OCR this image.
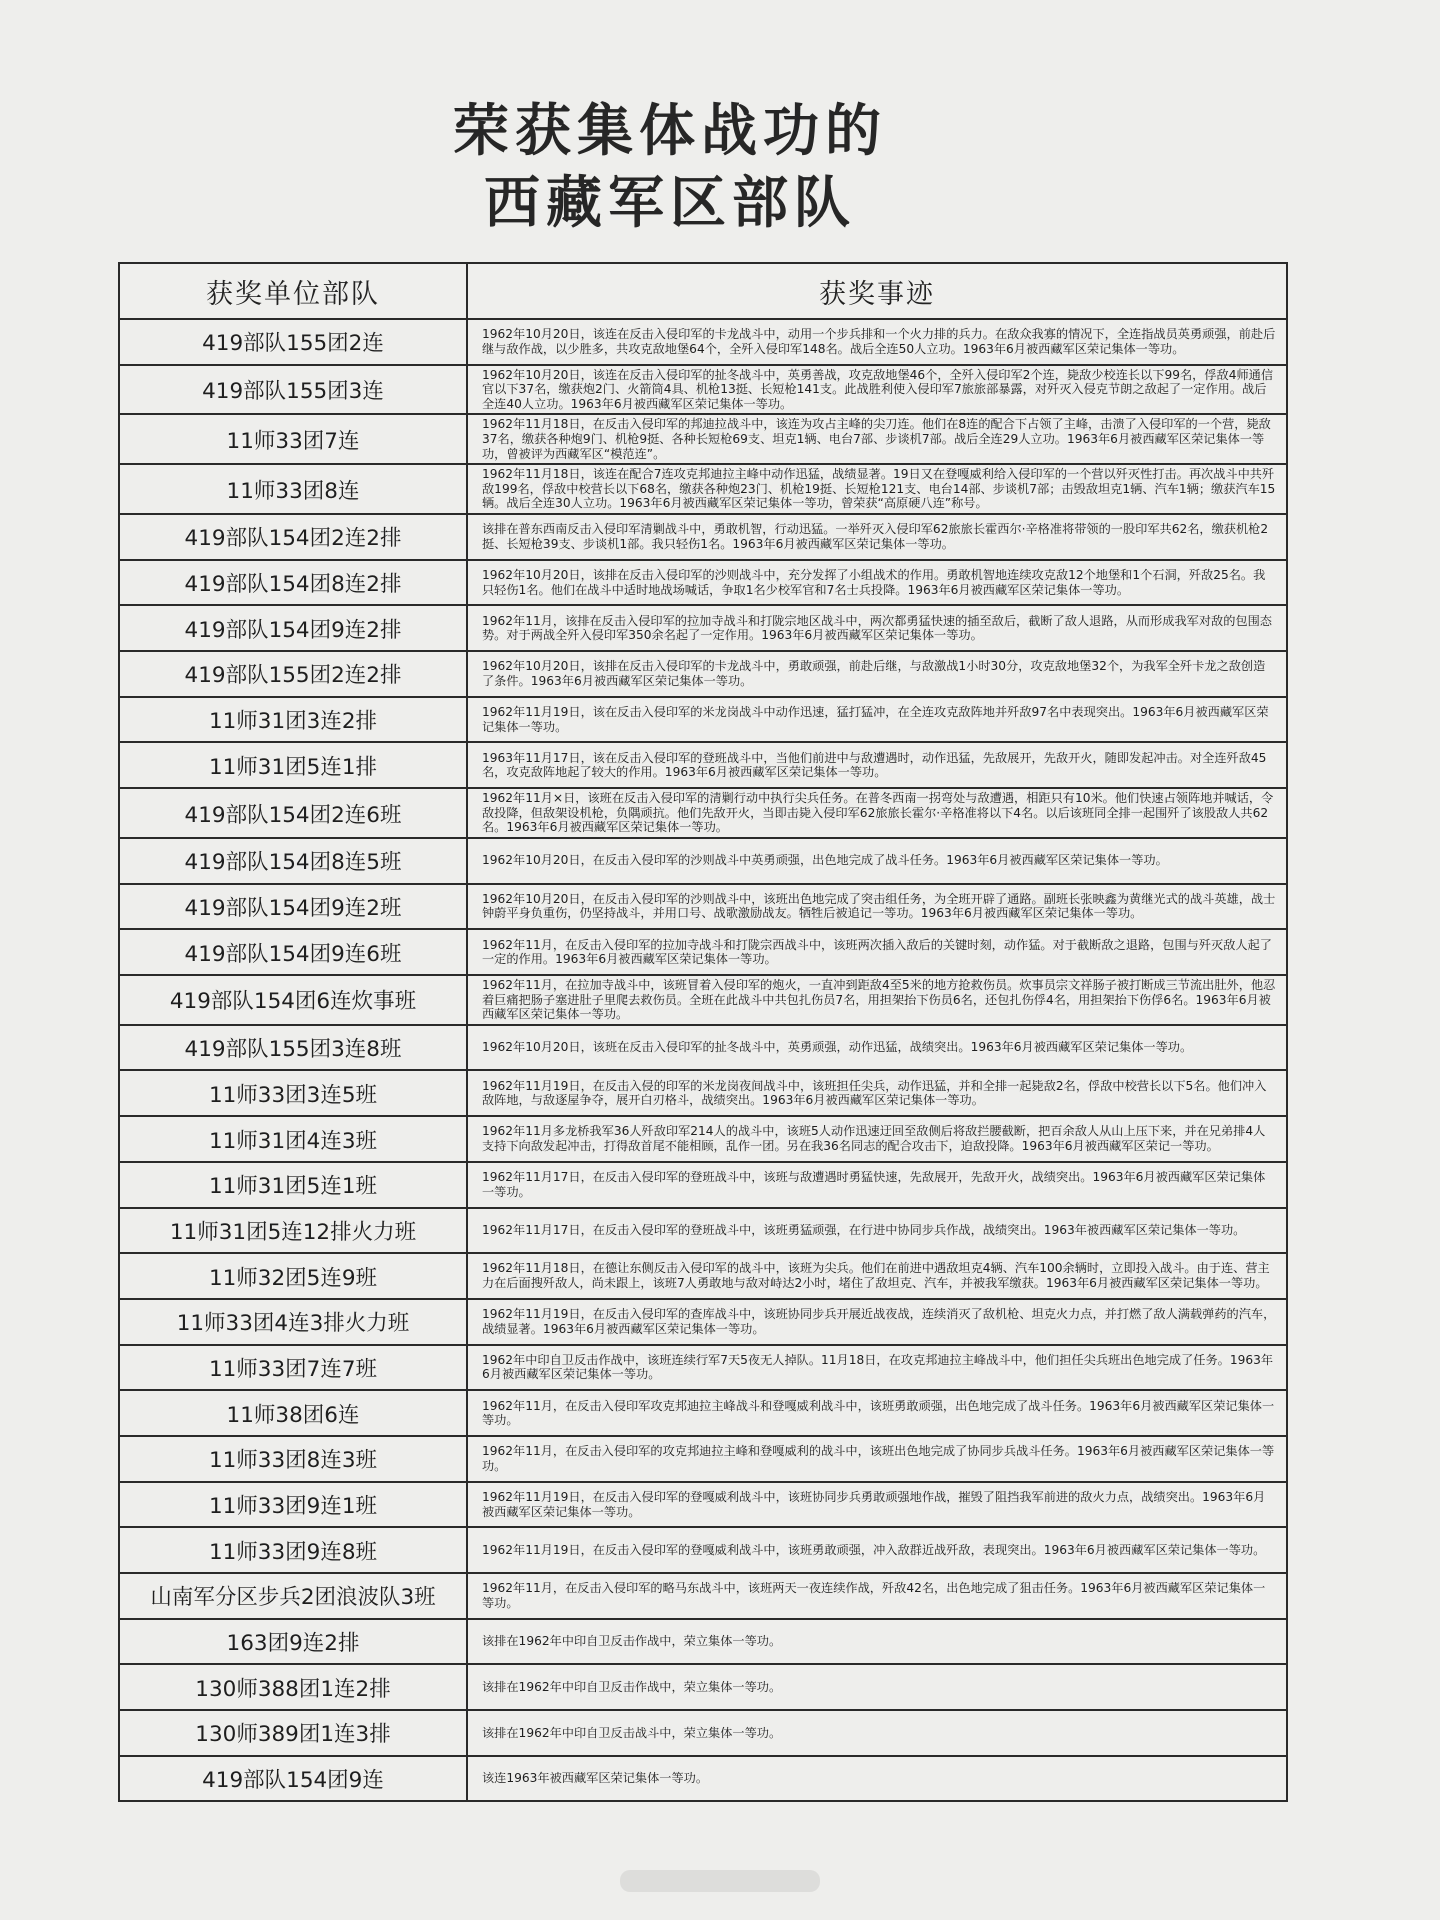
荣获集体战功的
西藏军区部队
获奖单位部队	获奖事迹
419部队155团2连	1962年10月20日，该连在反击入侵印军的卡龙战斗中，动用一个步兵排和一个火力排的兵力。在敌众我寡的情况下，全连指战员英勇顽强，前赴后继与敌作战，以少胜多，共攻克敌地堡64个，全歼入侵印军148名。战后全连50人立功。1963年6月被西藏军区荣记集体一等功。
419部队155团3连	1962年10月20日，该连在反击入侵印军的扯冬战斗中，英勇善战，攻克敌地堡46个，全歼入侵印军2个连，毙敌少校连长以下99名，俘敌4师通信官以下37名，缴获炮2门、火箭筒4具、机枪13挺、长短枪141支。此战胜利使入侵印军7旅旅部暴露，对歼灭入侵克节朗之敌起了一定作用。战后全连40人立功。1963年6月被西藏军区荣记集体一等功。
11师33团7连	1962年11月18日，在反击入侵印军的邦迪拉战斗中，该连为攻占主峰的尖刀连。他们在8连的配合下占领了主峰，击溃了入侵印军的一个营，毙敌37名，缴获各种炮9门、机枪9挺、各种长短枪69支、坦克1辆、电台7部、步谈机7部。战后全连29人立功。1963年6月被西藏军区荣记集体一等功，曾被评为西藏军区“模范连”。
11师33团8连	1962年11月18日，该连在配合7连攻克邦迪拉主峰中动作迅猛，战绩显著。19日又在登嘎威利给入侵印军的一个营以歼灭性打击。再次战斗中共歼敌199名，俘敌中校营长以下68名，缴获各种炮23门、机枪19挺、长短枪121支、电台14部、步谈机7部；击毁敌坦克1辆、汽车1辆；缴获汽车15辆。战后全连30人立功。1963年6月被西藏军区荣记集体一等功，曾荣获“高原硬八连”称号。
419部队154团2连2排	该排在普东西南反击入侵印军清剿战斗中，勇敢机智，行动迅猛。一举歼灭入侵印军62旅旅长霍西尔·辛格准将带领的一股印军共62名，缴获机枪2挺、长短枪39支、步谈机1部。我只轻伤1名。1963年6月被西藏军区荣记集体一等功。
419部队154团8连2排	1962年10月20日，该排在反击入侵印军的沙则战斗中，充分发挥了小组战术的作用。勇敢机智地连续攻克敌12个地堡和1个石洞，歼敌25名。我只轻伤1名。他们在战斗中适时地战场喊话，争取1名少校军官和7名士兵投降。1963年6月被西藏军区荣记集体一等功。
419部队154团9连2排	1962年11月，该排在反击入侵印军的拉加寺战斗和打陇宗地区战斗中，两次都勇猛快速的插至敌后，截断了敌人退路，从而形成我军对敌的包围态势。对于两战全歼入侵印军350余名起了一定作用。1963年6月被西藏军区荣记集体一等功。
419部队155团2连2排	1962年10月20日，该排在反击入侵印军的卡龙战斗中，勇敢顽强，前赴后继，与敌激战1小时30分，攻克敌地堡32个，为我军全歼卡龙之敌创造了条件。1963年6月被西藏军区荣记集体一等功。
11师31团3连2排	1962年11月19日，该在反击入侵印军的米龙岗战斗中动作迅速，猛打猛冲，在全连攻克敌阵地并歼敌97名中表现突出。1963年6月被西藏军区荣记集体一等功。
11师31团5连1排	1963年11月17日，该在反击入侵印军的登班战斗中，当他们前进中与敌遭遇时，动作迅猛，先敌展开，先敌开火，随即发起冲击。对全连歼敌45名，攻克敌阵地起了较大的作用。1963年6月被西藏军区荣记集体一等功。
419部队154团2连6班	1962年11月×日，该班在反击入侵印军的清剿行动中执行尖兵任务。在普冬西南一拐弯处与敌遭遇，相距只有10米。他们快速占领阵地并喊话，令敌投降，但敌架设机枪，负隅顽抗。他们先敌开火，当即击毙入侵印军62旅旅长霍尔·辛格准将以下4名。以后该班同全排一起围歼了该股敌人共62名。1963年6月被西藏军区荣记集体一等功。
419部队154团8连5班	1962年10月20日，在反击入侵印军的沙则战斗中英勇顽强，出色地完成了战斗任务。1963年6月被西藏军区荣记集体一等功。
419部队154团9连2班	1962年10月20日，在反击入侵印军的沙则战斗中，该班出色地完成了突击组任务，为全班开辟了通路。副班长张映鑫为黄继光式的战斗英雄，战士钟蔚平身负重伤，仍坚持战斗，并用口号、战歌激励战友。牺牲后被追记一等功。1963年6月被西藏军区荣记集体一等功。
419部队154团9连6班	1962年11月，在反击入侵印军的拉加寺战斗和打陇宗西战斗中，该班两次插入敌后的关键时刻，动作猛。对于截断敌之退路，包围与歼灭敌人起了一定的作用。1963年6月被西藏军区荣记集体一等功。
419部队154团6连炊事班	1962年11月，在拉加寺战斗中，该班冒着入侵印军的炮火，一直冲到距敌4至5米的地方抢救伤员。炊事员宗文祥肠子被打断成三节流出肚外，他忍着巨痛把肠子塞进肚子里爬去救伤员。全班在此战斗中共包扎伤员7名，用担架抬下伤员6名，还包扎伤俘4名，用担架抬下伤俘6名。1963年6月被西藏军区荣记集体一等功。
419部队155团3连8班	1962年10月20日，该班在反击入侵印军的扯冬战斗中，英勇顽强，动作迅猛，战绩突出。1963年6月被西藏军区荣记集体一等功。
11师33团3连5班	1962年11月19日，在反击入侵的印军的米龙岗夜间战斗中，该班担任尖兵，动作迅猛，并和全排一起毙敌2名，俘敌中校营长以下5名。他们冲入敌阵地，与敌逐屋争夺，展开白刃格斗，战绩突出。1963年6月被西藏军区荣记集体一等功。
11师31团4连3班	1962年11月多龙桥我军36人歼敌印军214人的战斗中，该班5人动作迅速迂回至敌侧后将敌拦腰截断，把百余敌人从山上压下来，并在兄弟排4人支持下向敌发起冲击，打得敌首尾不能相顾，乱作一团。另在我36名同志的配合攻击下，迫敌投降。1963年6月被西藏军区荣记一等功。
11师31团5连1班	1962年11月17日，在反击入侵印军的登班战斗中，该班与敌遭遇时勇猛快速，先敌展开，先敌开火，战绩突出。1963年6月被西藏军区荣记集体一等功。
11师31团5连12排火力班	1962年11月17日，在反击入侵印军的登班战斗中，该班勇猛顽强，在行进中协同步兵作战，战绩突出。1963年被西藏军区荣记集体一等功。
11师32团5连9班	1962年11月18日，在德让东侧反击入侵印军的战斗中，该班为尖兵。他们在前进中遇敌坦克4辆、汽车100余辆时，立即投入战斗。由于连、营主力在后面搜歼敌人，尚未跟上，该班7人勇敢地与敌对峙达2小时，堵住了敌坦克、汽车，并被我军缴获。1963年6月被西藏军区荣记集体一等功。
11师33团4连3排火力班	1962年11月19日，在反击入侵印军的查库战斗中，该班协同步兵开展近战夜战，连续消灭了敌机枪、坦克火力点，并打燃了敌人满载弹药的汽车，战绩显著。1963年6月被西藏军区荣记集体一等功。
11师33团7连7班	1962年中印自卫反击作战中，该班连续行军7天5夜无人掉队。11月18日，在攻克邦迪拉主峰战斗中，他们担任尖兵班出色地完成了任务。1963年6月被西藏军区荣记集体一等功。
11师38团6连	1962年11月，在反击入侵印军攻克邦迪拉主峰战斗和登嘎威利战斗中，该班勇敢顽强，出色地完成了战斗任务。1963年6月被西藏军区荣记集体一等功。
11师33团8连3班	1962年11月，在反击入侵印军的攻克邦迪拉主峰和登嘎威利的战斗中，该班出色地完成了协同步兵战斗任务。1963年6月被西藏军区荣记集体一等功。
11师33团9连1班	1962年11月19日，在反击入侵印军的登嘎威利战斗中，该班协同步兵勇敢顽强地作战，摧毁了阻挡我军前进的敌火力点，战绩突出。1963年6月被西藏军区荣记集体一等功。
11师33团9连8班	1962年11月19日，在反击入侵印军的登嘎威利战斗中，该班勇敢顽强，冲入敌群近战歼敌，表现突出。1963年6月被西藏军区荣记集体一等功。
山南军分区步兵2团浪波队3班	1962年11月，在反击入侵印军的略马东战斗中，该班两天一夜连续作战，歼敌42名，出色地完成了狙击任务。1963年6月被西藏军区荣记集体一等功。
163团9连2排	该排在1962年中印自卫反击作战中，荣立集体一等功。
130师388团1连2排	该排在1962年中印自卫反击作战中，荣立集体一等功。
130师389团1连3排	该排在1962年中印自卫反击战斗中，荣立集体一等功。
419部队154团9连	该连1963年被西藏军区荣记集体一等功。
